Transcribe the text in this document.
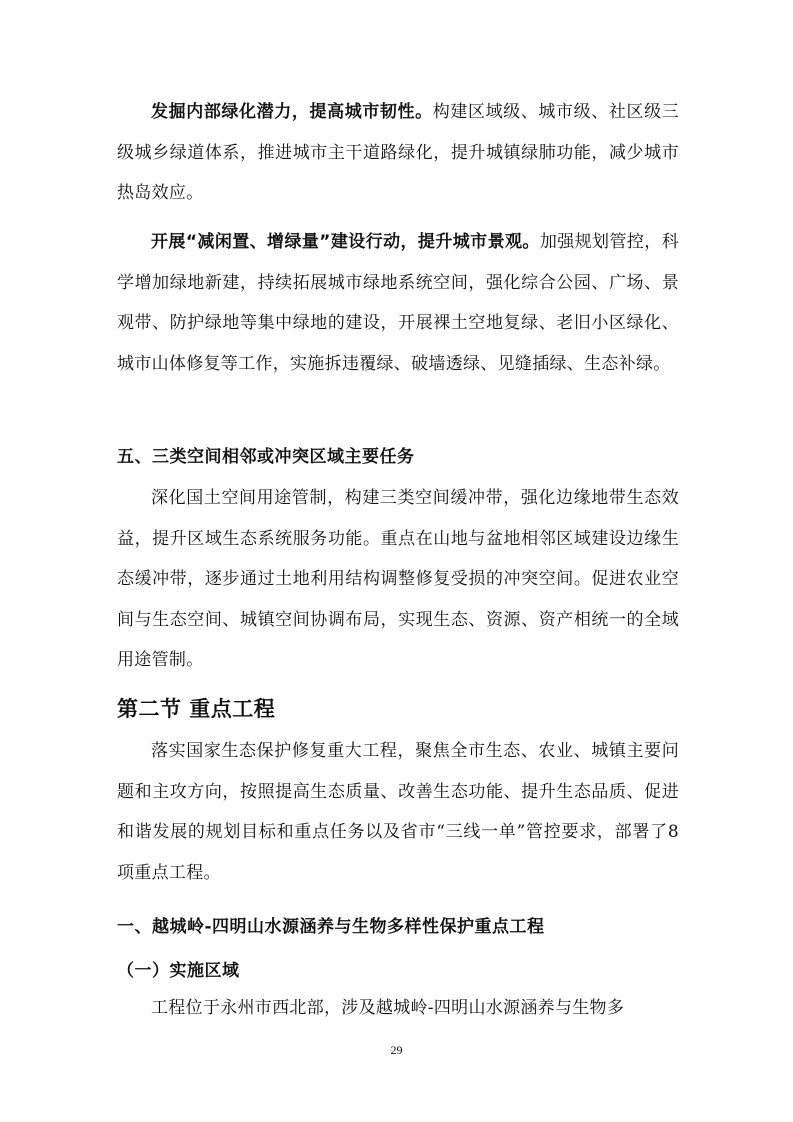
发掘内部绿化潜力，提高城市韧性。构建区域级、城市级、社区级三级城乡绿道体系，推进城市主干道路绿化，提升城镇绿肺功能，减少城市热岛效应。

开展“减闲置、增绿量”建设行动，提升城市景观。加强规划管控，科学增加绿地新建，持续拓展城市绿地系统空间，强化综合公园、广场、景观带、防护绿地等集中绿地的建设，开展裸土空地复绿、老旧小区绿化、城市山体修复等工作，实施拆违覆绿、破墙透绿、见缝插绿、生态补绿。

五、三类空间相邻或冲突区域主要任务

深化国土空间用途管制，构建三类空间缓冲带，强化边缘地带生态效益，提升区域生态系统服务功能。重点在山地与盆地相邻区域建设边缘生态缓冲带，逐步通过土地利用结构调整修复受损的冲突空间。促进农业空间与生态空间、城镇空间协调布局，实现生态、资源、资产相统一的全域用途管制。

第二节 重点工程

落实国家生态保护修复重大工程，聚焦全市生态、农业、城镇主要问题和主攻方向，按照提高生态质量、改善生态功能、提升生态品质、促进和谐发展的规划目标和重点任务以及省市“三线一单”管控要求，部署了8项重点工程。

一、越城岭-四明山水源涵养与生物多样性保护重点工程
（一）实施区域

工程位于永州市西北部，涉及越城岭-四明山水源涵养与生物多

29
